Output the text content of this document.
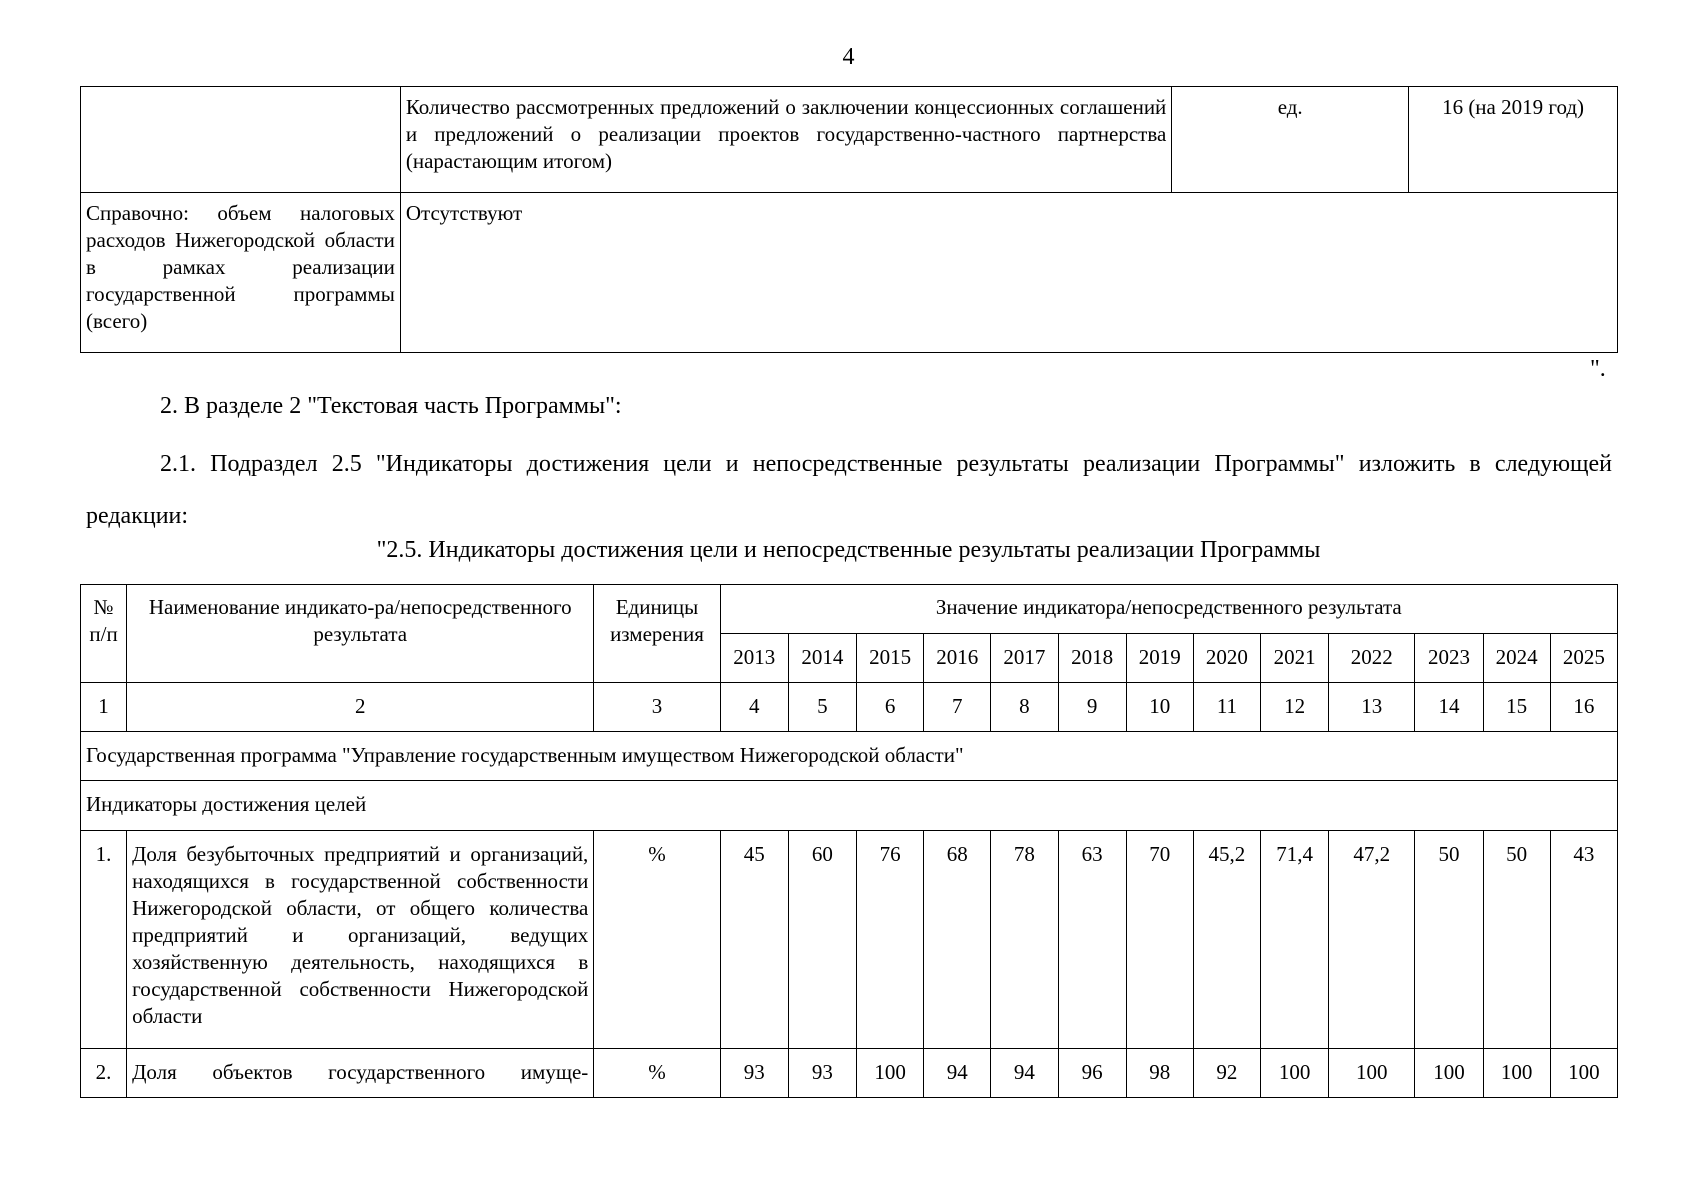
4
	Количество рассмотренных предложений о заключении концессионных соглашений и предложений о реализации проектов государственно-частного партнерства (нарастающим итогом)	ед.	16 (на 2019 год)
Справочно: объем налоговых расходов Нижегородской области в рамках реализации государственной программы (всего)	Отсутствуют		
".
2. В разделе 2 "Текстовая часть Программы":
2.1. Подраздел 2.5 "Индикаторы достижения цели и непосредственные результаты реализации Программы" изложить в следующей редакции:
"2.5. Индикаторы достижения цели и непосредственные результаты реализации Программы
№ п/п	Наименование индикато-ра/непосредственного результата	Единицы измерения	Значение индикатора/непосредственного результата												
			2013	2014	2015	2016	2017	2018	2019	2020	2021	2022	2023	2024	2025
1	2	3	4	5	6	7	8	9	10	11	12	13	14	15	16
Государственная программа "Управление государственным имуществом Нижегородской области"															
Индикаторы достижения целей															
1.	Доля безубыточных предприятий и организаций, находящихся в государственной собственности Нижегородской области, от общего количества предприятий и организаций, ведущих хозяйственную деятельность, находящихся в государственной собственности Нижегородской области	%	45	60	76	68	78	63	70	45,2	71,4	47,2	50	50	43
2.	Доля объектов государственного имуще-	%	93	93	100	94	94	96	98	92	100	100	100	100	100
